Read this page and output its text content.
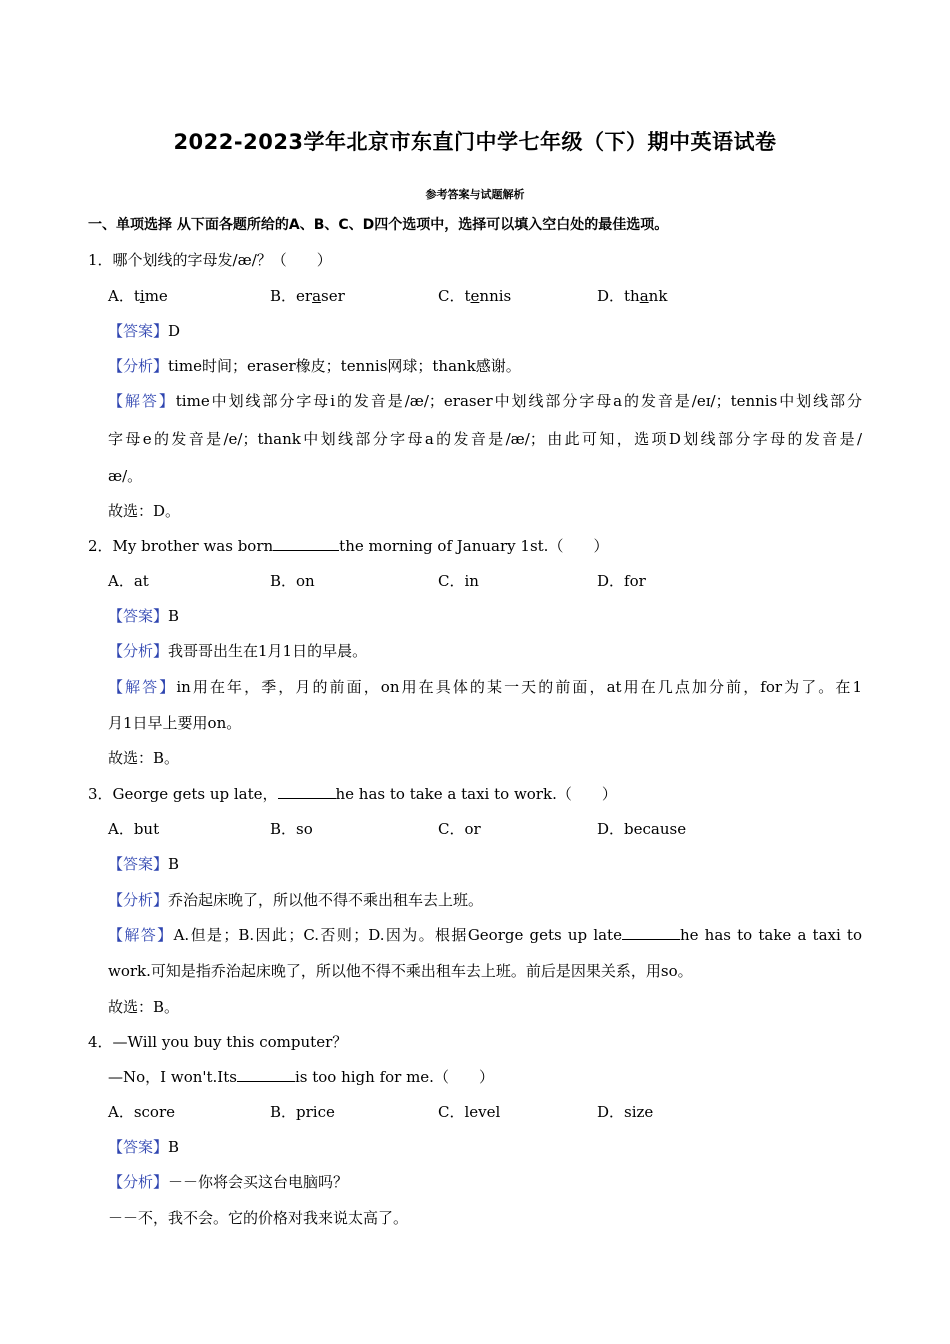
2022-2023学年北京市东直门中学七年级（下）期中英语试卷
参考答案与试题解析
一、单项选择 从下面各题所给的A、B、C、D四个选项中，选择可以填入空白处的最佳选项。
1．哪个划线的字母发/æ/？（　　）
A．time	B．eraser	C．tennis	D．thank
【答案】D
【分析】time时间；eraser橡皮；tennis网球；thank感谢。
【解答】time中划线部分字母i的发音是/æ/；eraser中划线部分字母a的发音是/eɪ/；tennis中划线部分
字母e的发音是/e/；thank中划线部分字母a的发音是/æ/；由此可知，选项D划线部分字母的发音是/
æ/。
故选：D。
2．My brother was born	the morning of January 1st.（　　）
A．at	B．on	C．in	D．for
【答案】B
【分析】我哥哥出生在1月1日的早晨。
【解答】in用在年，季，月的前面，on用在具体的某一天的前面，at用在几点加分前，for为了。在1
月1日早上要用on。
故选：B。
3．George gets up late，	he has to take a taxi to work.（　　）
A．but	B．so	C．or	D．because
【答案】B
【分析】乔治起床晚了，所以他不得不乘出租车去上班。
【解答】A.但是；B.因此；C.否则；D.因为。根据George gets up late	he has to take a taxi to
work.可知是指乔治起床晚了，所以他不得不乘出租车去上班。前后是因果关系，用so。
故选：B。
4．—Will you buy this computer？
—No，I won't.Its	is too high for me.（　　）
A．score	B．price	C．level	D．size
【答案】B
【分析】－－你将会买这台电脑吗？
－－不，我不会。它的价格对我来说太高了。
